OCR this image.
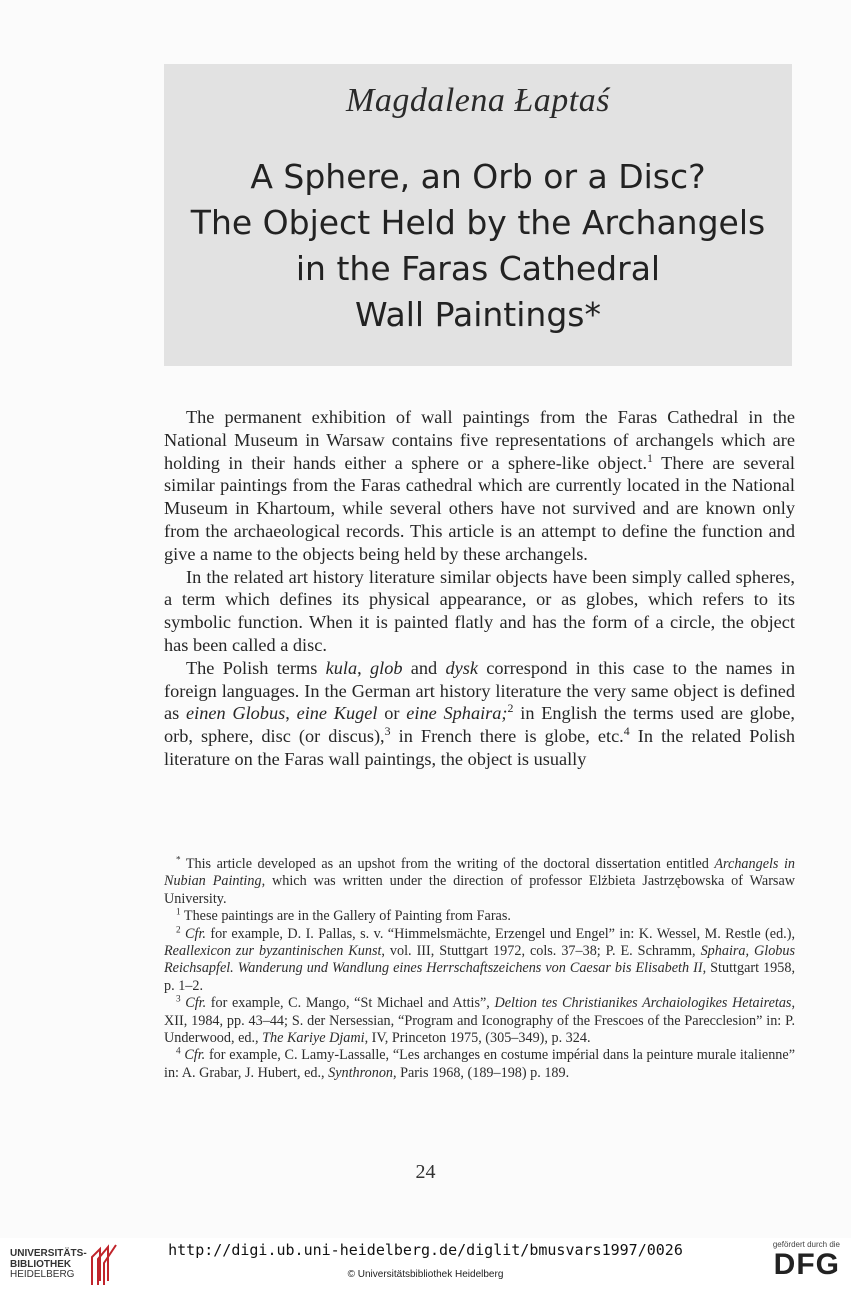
Magdalena Łaptaś
A Sphere, an Orb or a Disc?
The Object Held by the Archangels
in the Faras Cathedral
Wall Paintings*

The permanent exhibition of wall paintings from the Faras Cathedral in the National Museum in Warsaw contains five representations of archangels which are holding in their hands either a sphere or a sphere-like object.$^1$ There are several similar paintings from the Faras cathedral which are currently located in the National Museum in Khartoum, while several others have not survived and are known only from the archaeological records. This article is an attempt to define the function and give a name to the objects being held by these archangels.

In the related art history literature similar objects have been simply called spheres, a term which defines its physical appearance, or as globes, which refers to its symbolic function. When it is painted flatly and has the form of a circle, the object has been called a disc.

The Polish terms kula, glob and dysk correspond in this case to the names in foreign languages. In the German art history literature the very same object is defined as einen Globus, eine Kugel or eine Sphaira;$^2$ in English the terms used are globe, orb, sphere, disc (or discus),$^3$ in French there is globe, etc.$^4$ In the related Polish literature on the Faras wall paintings, the object is usually

* This article developed as an upshot from the writing of the doctoral dissertation entitled Archangels in Nubian Painting, which was written under the direction of professor Elżbieta Jastrzębowska of Warsaw University.

$^1$ These paintings are in the Gallery of Painting from Faras.

$^2$ Cfr. for example, D. I. Pallas, s. v. “Himmelsmächte, Erzengel und Engel” in: K. Wessel, M. Restle (ed.), Reallexicon zur byzantinischen Kunst, vol. III, Stuttgart 1972, cols. 37–38; P. E. Schramm, Sphaira, Globus Reichsapfel. Wanderung und Wandlung eines Herrschaftszeichens von Caesar bis Elisabeth II, Stuttgart 1958, p. 1–2.

$^3$ Cfr. for example, C. Mango, “St Michael and Attis”, Deltion tes Christianikes Archaiologikes Hetairetas, XII, 1984, pp. 43–44; S. der Nersessian, “Program and Iconography of the Frescoes of the Parecclesion” in: P. Underwood, ed., The Kariye Djami, IV, Princeton 1975, (305–349), p. 324.

$^4$ Cfr. for example, C. Lamy-Lassalle, “Les archanges en costume impérial dans la peinture murale italienne” in: A. Grabar, J. Hubert, ed., Synthronon, Paris 1968, (189–198) p. 189.

24
UNIVERSITÄTS-
BIBLIOTHEK
HEIDELBERG
http://digi.ub.uni-heidelberg.de/diglit/bmusvars1997/0026
© Universitätsbibliothek Heidelberg
gefördert durch die
DFG
